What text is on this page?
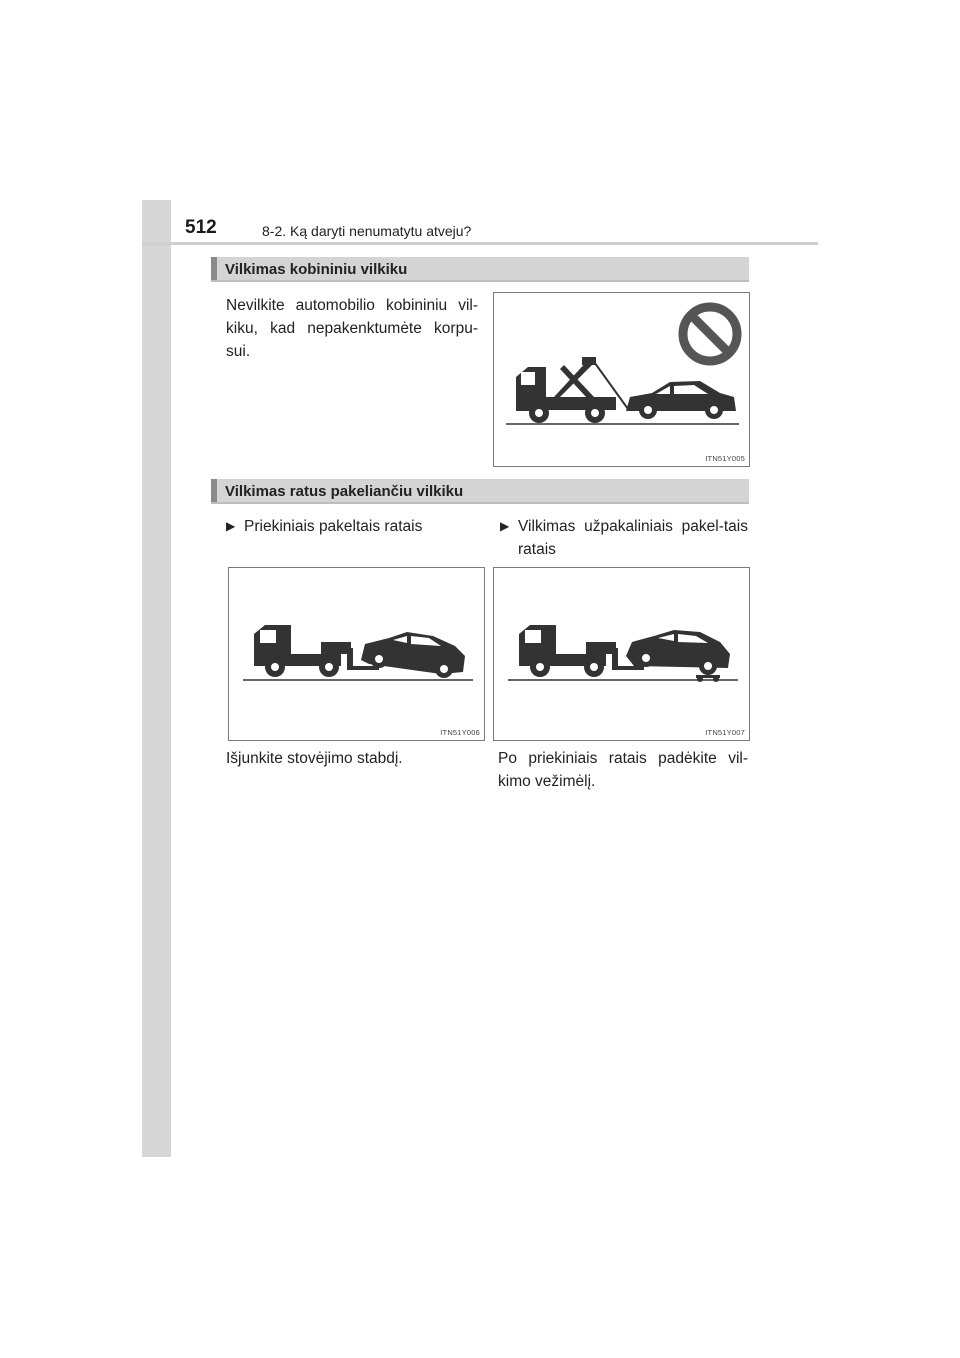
512	8-2. Ką daryti nenumatytu atveju?
Vilkimas kobininiu vilkiku
Nevilkite automobilio kobininiu vil-kiku, kad nepakenktumėte korpu-sui.
ITN51Y005
Vilkimas ratus pakeliančiu vilkiku
▶ Priekiniais pakeltais ratais	▶ Vilkimas užpakaliniais pakel-tais ratais
ITN51Y006	ITN51Y007
Išjunkite stovėjimo stabdį.	Po priekiniais ratais padėkite vil-kimo vežimėlį.
